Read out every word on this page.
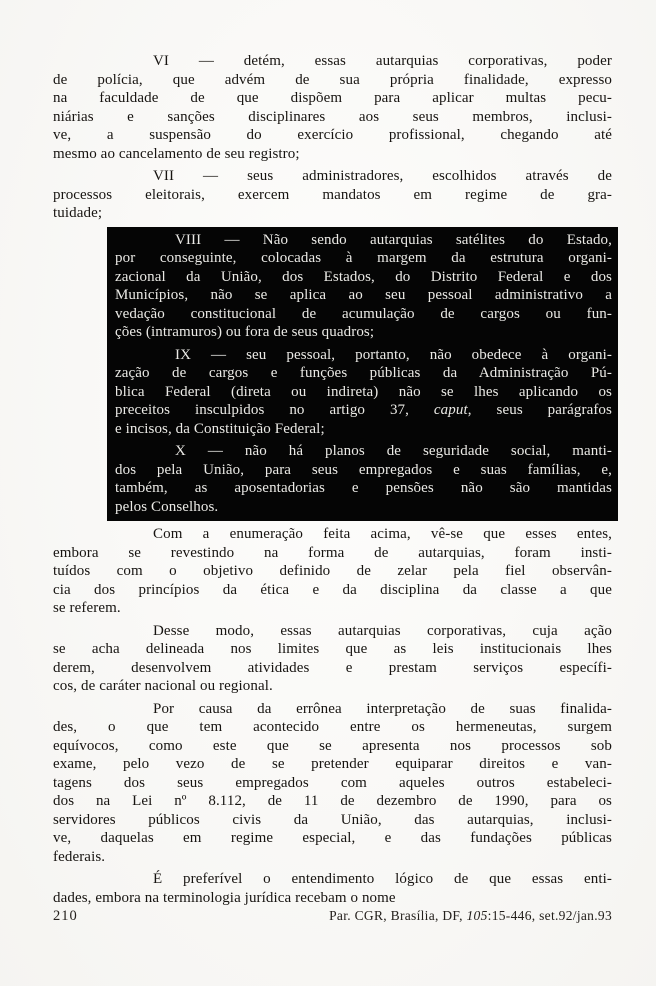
VI — detém, essas autarquias corporativas, poder
de polícia, que advém de sua própria finalidade, expresso
na faculdade de que dispõem para aplicar multas pecu-
niárias e sanções disciplinares aos seus membros, inclusi-
ve, a suspensão do exercício profissional, chegando até
mesmo ao cancelamento de seu registro;
VII — seus administradores, escolhidos através de
processos eleitorais, exercem mandatos em regime de gra-
tuidade;
VIII — Não sendo autarquias satélites do Estado,
por conseguinte, colocadas à margem da estrutura organi-
zacional da União, dos Estados, do Distrito Federal e dos
Municípios, não se aplica ao seu pessoal administrativo a
vedação constitucional de acumulação de cargos ou fun-
ções (intramuros) ou fora de seus quadros;
IX — seu pessoal, portanto, não obedece à organi-
zação de cargos e funções públicas da Administração Pú-
blica Federal (direta ou indireta) não se lhes aplicando os
preceitos insculpidos no artigo 37, caput, seus parágrafos
e incisos, da Constituição Federal;
X — não há planos de seguridade social, manti-
dos pela União, para seus empregados e suas famílias, e,
também, as aposentadorias e pensões não são mantidas
pelos Conselhos.
Com a enumeração feita acima, vê-se que esses entes,
embora se revestindo na forma de autarquias, foram insti-
tuídos com o objetivo definido de zelar pela fiel observân-
cia dos princípios da ética e da disciplina da classe a que
se referem.
Desse modo, essas autarquias corporativas, cuja ação
se acha delineada nos limites que as leis institucionais lhes
derem, desenvolvem atividades e prestam serviços específi-
cos, de caráter nacional ou regional.
Por causa da errônea interpretação de suas finalida-
des, o que tem acontecido entre os hermeneutas, surgem
equívocos, como este que se apresenta nos processos sob
exame, pelo vezo de se pretender equiparar direitos e van-
tagens dos seus empregados com aqueles outros estabeleci-
dos na Lei nº 8.112, de 11 de dezembro de 1990, para os
servidores públicos civis da União, das autarquias, inclusi-
ve, daquelas em regime especial, e das fundações públicas
federais.
É preferível o entendimento lógico de que essas enti-
dades, embora na terminologia jurídica recebam o nome
210	Par. CGR, Brasília, DF, 105:15-446, set.92/jan.93
